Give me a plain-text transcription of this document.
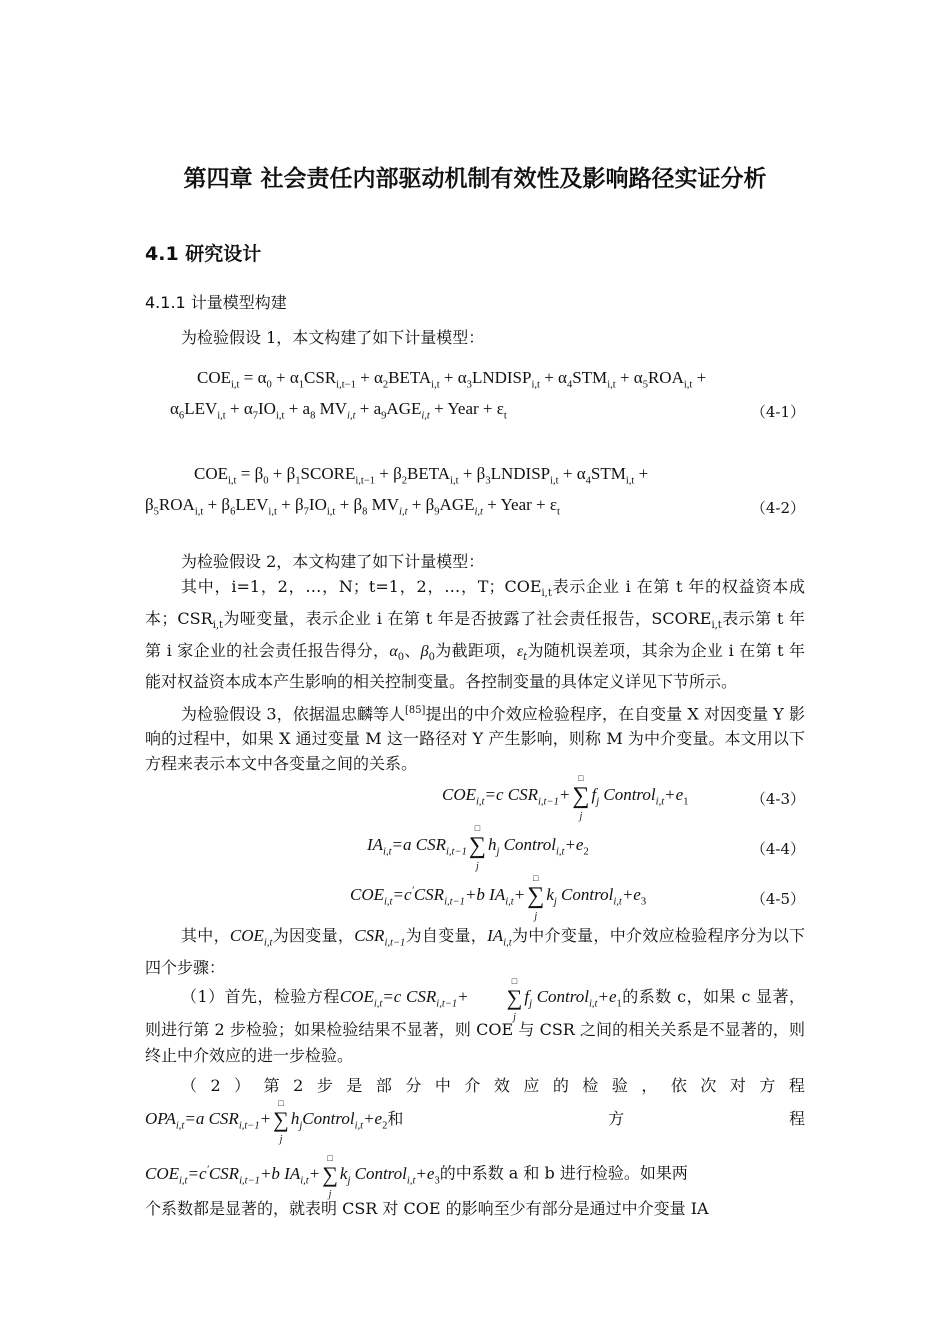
第四章 社会责任内部驱动机制有效性及影响路径实证分析
4.1 研究设计
4.1.1 计量模型构建
为检验假设 1，本文构建了如下计量模型：
$COE_{i,t} = \alpha_0 + \alpha_1CSR_{i,t-1}$ + $\alpha_2BETA_{i,t}$ + $\alpha_3LNDISP_{i,t} + \alpha_4STM_{i,t} + \alpha_5ROA_{i,t}$ +
$\alpha_6LEV_{i,t} + \alpha_7IO_{i,t} + a_8$ $MV_{i,t} + a_9AGE_{i,t}$ + Year + $\varepsilon_t$	（4-1）
$COE_{i,t} = \beta_0$ + $\beta_1SCORE_{i,t-1}$ + $\beta_2BETA_{i,t}$ + $\beta_3LNDISP_{i,t} + \alpha_4STM_{i,t}$ +
$\beta_5ROA_{i,t} + \beta_6LEV_{i,t} + \beta_7IO_{i,t} + \beta_8$ $MV_{i,t} + \beta_9AGE_{i,t}$ + Year + $\varepsilon_t$	（4-2）
为检验假设 2，本文构建了如下计量模型：

其中，i=1，2，…，N；t=1，2，…，T；$COE_{i,t}$表示企业 i 在第 t 年的权益资本成本；$CSR_{i,t}$为哑变量，表示企业 i 在第 t 年是否披露了社会责任报告，$SCORE_{i,t}$表示第 t 年第 i 家企业的社会责任报告得分，$\alpha_0$、$\beta_0$为截距项，$\varepsilon_t$为随机误差项，其余为企业 i 在第 t 年能对权益资本成本产生影响的相关控制变量。各控制变量的具体定义详见下节所示。

为检验假设 3，依据温忠麟等人[85]提出的中介效应检验程序，在自变量 X 对因变量 Y 影响的过程中，如果 X 通过变量 M 这一路径对 Y 产生影响，则称 M 为中介变量。本文用以下方程来表示本文中各变量之间的关系。

$COE_{i,t}=c$ $CSR_{i,t-1}+\sum$
□
j
$f_j$ $Control_{i,t}+e_1$	（4-3）
$IA_{i,t}=a$ $CSR_{i,t-1}\sum$
□
j
$h_j$ $Control_{i,t}+e_2$	（4-4）
$COE_{i,t}=c'CSR_{i,t-1}+b$ $IA_{i,t}+\sum$
□
j
$k_j$ $Control_{i,t}+e_3$	（4-5）

其中，$COE_{i,t}$为因变量，$CSR_{i,t-1}$为自变量，$IA_{i,t}$为中介变量，中介效应检验程序分为以下四个步骤：

（1）首先，检验方程$COE_{i,t}=c$ $CSR_{i,t-1}+$ ∑
□
j
$f_j$ $Control_{i,t}+e_1$的系数 c，如果 c 显著，则进行第 2 步检验；如果检验结果不显著，则 COE 与 CSR 之间的相关关系是不显著的，则终止中介效应的进一步检验。

（ 2 ） 第 2 步 是 部 分 中 介 效 应 的 检 验 ， 依 次 对 方 程
$OPA_{i,t}=a$ $CSR_{i,t-1}+\sum$
□
j
$h_jControl_{i,t}+e_2$和	方	程

$COE_{i,t}=c'CSR_{i,t-1}+b$ $IA_{i,t}+\sum$
□
j
$k_j$ $Control_{i,t}+e_3$的中系数 a 和 b 进行检验。如果两

个系数都是显著的，就表明 CSR 对 COE 的影响至少有部分是通过中介变量 IA
